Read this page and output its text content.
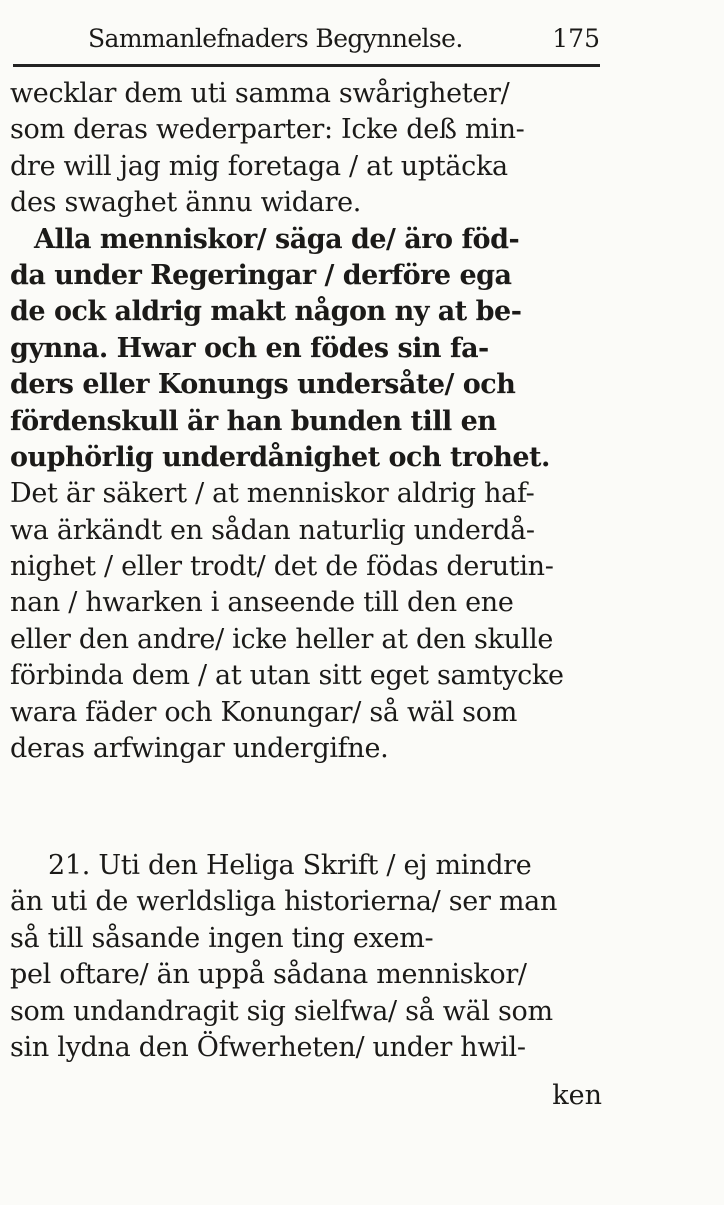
Sammanlefnaders Begynnelse.	175
wecklar dem uti samma swårigheter/
som deras wederparter: Icke deß min-
dre will jag mig foretaga / at uptäcka
des swaghet ännu widare.
Alla menniskor/ säga de/ äro föd-
da under Regeringar / derföre ega
de ock aldrig makt någon ny at be-
gynna. Hwar och en födes sin fa-
ders eller Konungs undersåte/ och
fördenskull är han bunden till en
ouphörlig underdånighet och trohet.
Det är säkert / at menniskor aldrig haf-
wa ärkändt en sådan naturlig underdå-
nighet / eller trodt/ det de födas derutin-
nan / hwarken i anseende till den ene
eller den andre/ icke heller at den skulle
förbinda dem / at utan sitt eget samtycke
wara fäder och Konungar/ så wäl som
deras arfwingar undergifne.
21. Uti den Heliga Skrift / ej mindre
än uti de werldsliga historierna/ ser man
så till såsande ingen ting exem-
pel oftare/ än uppå sådana menniskor/
som undandragit sig sielfwa/ så wäl som
sin lydna den Öfwerheten/ under hwil-
ken
